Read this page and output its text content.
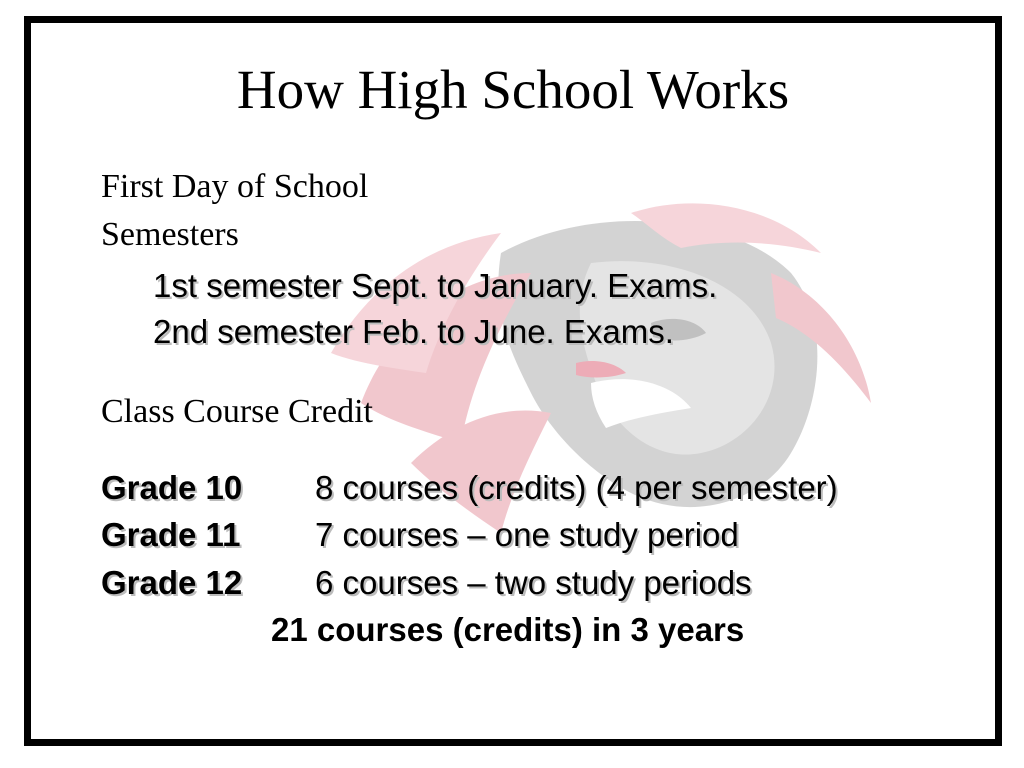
How High School Works
First Day of School
Semesters
1st semester Sept. to January. Exams.
2nd semester Feb. to June. Exams.
Class Course Credit
Grade 10 8 courses (credits) (4 per semester)
Grade 11 7 courses – one study period
Grade 12 6 courses – two study periods
21 courses (credits) in 3 years
